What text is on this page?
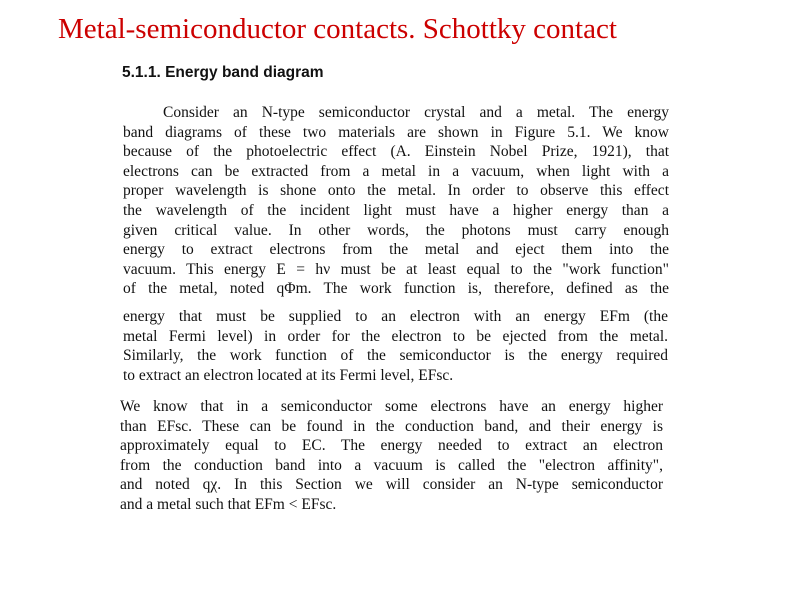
Metal-semiconductor contacts. Schottky contact
5.1.1. Energy band diagram
Consider an N-type semiconductor crystal and a metal. The energy
band diagrams of these two materials are shown in Figure 5.1. We know
because of the photoelectric effect (A. Einstein Nobel Prize, 1921), that
electrons can be extracted from a metal in a vacuum, when light with a
proper wavelength is shone onto the metal. In order to observe this effect
the wavelength of the incident light must have a higher energy than a
given critical value. In other words, the photons must carry enough
energy to extract electrons from the metal and eject them into the
vacuum. This energy E = hν must be at least equal to the "work function"
of the metal, noted qΦm. The work function is, therefore, defined as the
energy that must be supplied to an electron with an energy EFm (the
metal Fermi level) in order for the electron to be ejected from the metal.
Similarly, the work function of the semiconductor is the energy required
to extract an electron located at its Fermi level, EFsc.
We know that in a semiconductor some electrons have an energy higher
than EFsc. These can be found in the conduction band, and their energy is
approximately equal to EC. The energy needed to extract an electron
from the conduction band into a vacuum is called the "electron affinity",
and noted qχ. In this Section we will consider an N-type semiconductor
and a metal such that EFm < EFsc.
